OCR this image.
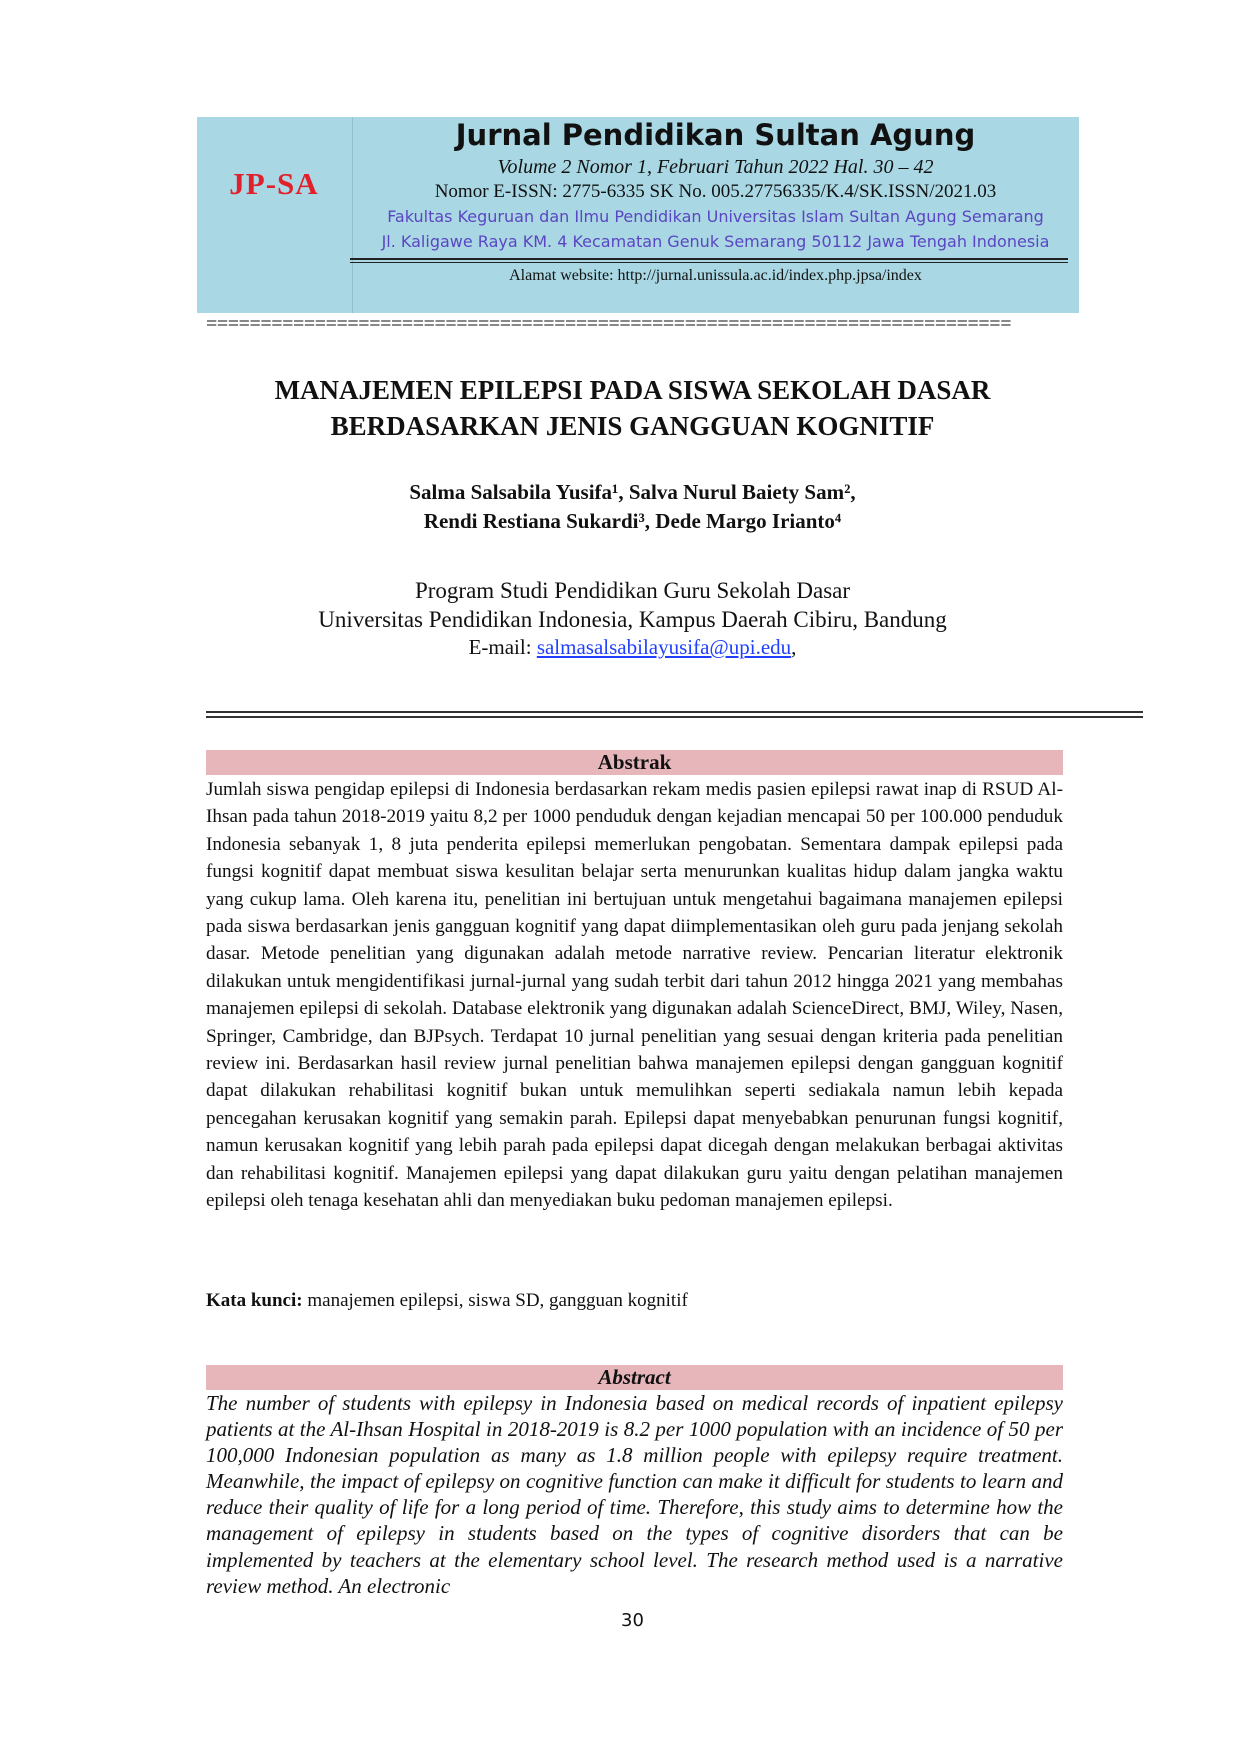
JP-SA
Jurnal Pendidikan Sultan Agung
Volume 2 Nomor 1, Februari Tahun 2022 Hal. 30 – 42
Nomor E-ISSN: 2775-6335 SK No. 005.27756335/K.4/SK.ISSN/2021.03
Fakultas Keguruan dan Ilmu Pendidikan Universitas Islam Sultan Agung Semarang
Jl. Kaligawe Raya KM. 4 Kecamatan Genuk Semarang 50112 Jawa Tengah Indonesia
Alamat website: http://jurnal.unissula.ac.id/index.php.jpsa/index
==========================================================================
MANAJEMEN EPILEPSI PADA SISWA SEKOLAH DASAR
BERDASARKAN JENIS GANGGUAN KOGNITIF
Salma Salsabila Yusifa¹, Salva Nurul Baiety Sam²,
Rendi Restiana Sukardi³, Dede Margo Irianto⁴
Program Studi Pendidikan Guru Sekolah Dasar
Universitas Pendidikan Indonesia, Kampus Daerah Cibiru, Bandung
E-mail: salmasalsabilayusifa@upi.edu,
Abstrak

Jumlah siswa pengidap epilepsi di Indonesia berdasarkan rekam medis pasien epilepsi rawat inap di RSUD Al-Ihsan pada tahun 2018-2019 yaitu 8,2 per 1000 penduduk dengan kejadian mencapai 50 per 100.000 penduduk Indonesia sebanyak 1, 8 juta penderita epilepsi memerlukan pengobatan. Sementara dampak epilepsi pada fungsi kognitif dapat membuat siswa kesulitan belajar serta menurunkan kualitas hidup dalam jangka waktu yang cukup lama. Oleh karena itu, penelitian ini bertujuan untuk mengetahui bagaimana manajemen epilepsi pada siswa berdasarkan jenis gangguan kognitif yang dapat diimplementasikan oleh guru pada jenjang sekolah dasar. Metode penelitian yang digunakan adalah metode narrative review. Pencarian literatur elektronik dilakukan untuk mengidentifikasi jurnal-jurnal yang sudah terbit dari tahun 2012 hingga 2021 yang membahas manajemen epilepsi di sekolah. Database elektronik yang digunakan adalah ScienceDirect, BMJ, Wiley, Nasen, Springer, Cambridge, dan BJPsych. Terdapat 10 jurnal penelitian yang sesuai dengan kriteria pada penelitian review ini. Berdasarkan hasil review jurnal penelitian bahwa manajemen epilepsi dengan gangguan kognitif dapat dilakukan rehabilitasi kognitif bukan untuk memulihkan seperti sediakala namun lebih kepada pencegahan kerusakan kognitif yang semakin parah. Epilepsi dapat menyebabkan penurunan fungsi kognitif, namun kerusakan kognitif yang lebih parah pada epilepsi dapat dicegah dengan melakukan berbagai aktivitas dan rehabilitasi kognitif. Manajemen epilepsi yang dapat dilakukan guru yaitu dengan pelatihan manajemen epilepsi oleh tenaga kesehatan ahli dan menyediakan buku pedoman manajemen epilepsi.

Kata kunci: manajemen epilepsi, siswa SD, gangguan kognitif
Abstract

The number of students with epilepsy in Indonesia based on medical records of inpatient epilepsy patients at the Al-Ihsan Hospital in 2018-2019 is 8.2 per 1000 population with an incidence of 50 per 100,000 Indonesian population as many as 1.8 million people with epilepsy require treatment. Meanwhile, the impact of epilepsy on cognitive function can make it difficult for students to learn and reduce their quality of life for a long period of time. Therefore, this study aims to determine how the management of epilepsy in students based on the types of cognitive disorders that can be implemented by teachers at the elementary school level. The research method used is a narrative review method. An electronic

30
